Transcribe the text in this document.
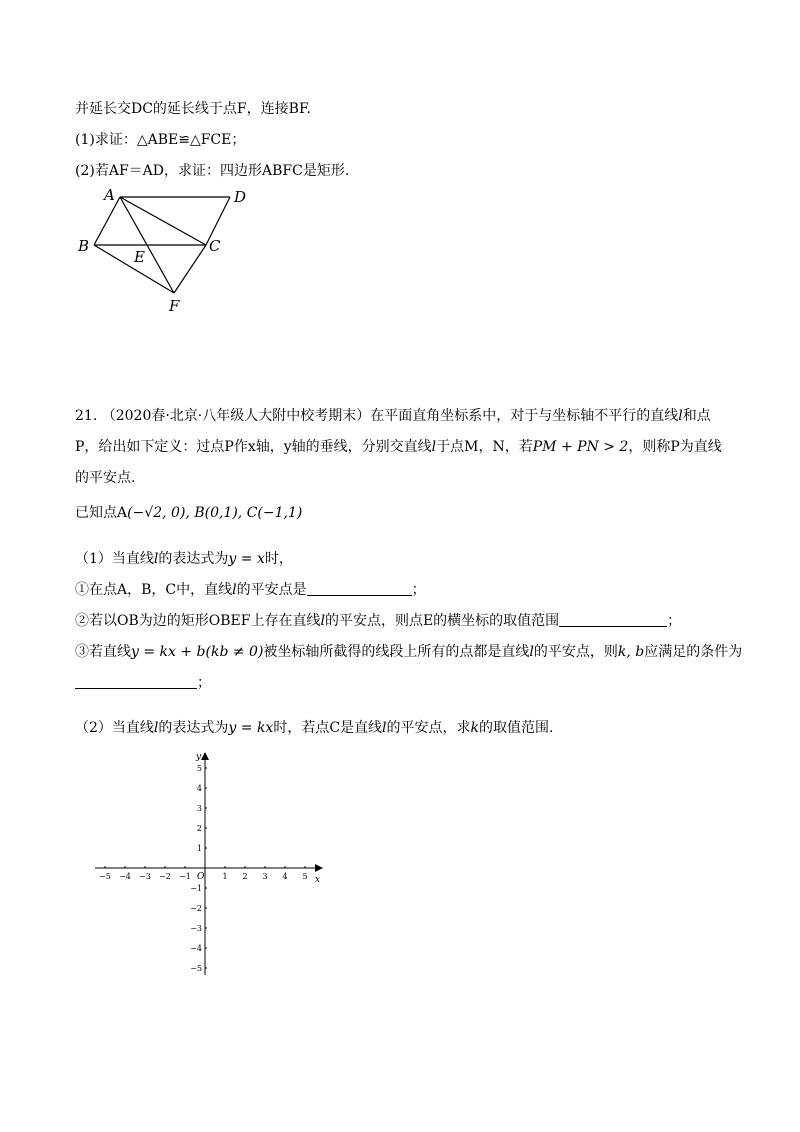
并延长交DC的延长线于点F，连接BF.
(1)求证：△ABE≌△FCE；
(2)若AF＝AD，求证：四边形ABFC是矩形.
A	D
B	C
E
F
21. （2020春·北京·八年级人大附中校考期末）在平面直角坐标系中，对于与坐标轴不平行的直线l和点
P，给出如下定义：过点P作x轴，y轴的垂线，分别交直线l于点M，N，若PM + PN > 2，则称P为直线
的平安点.
已知点A(−√2, 0), B(0,1), C(−1,1)
（1）当直线l的表达式为y = x时，
①在点A，B，C中，直线l的平安点是	；
②若以OB为边的矩形OBEF上存在直线l的平安点，则点E的横坐标的取值范围	；
③若直线y = kx + b(kb ≠ 0)被坐标轴所截得的线段上所有的点都是直线l的平安点，则k, b应满足的条件为
；
（2）当直线l的表达式为y = kx时，若点C是直线l的平安点，求k的取值范围.
−5 −4 −3 −2 −1	1 2 3 4 5
5
4
3
2
1
−1
−2
−3
−4
−5
x
y
O
